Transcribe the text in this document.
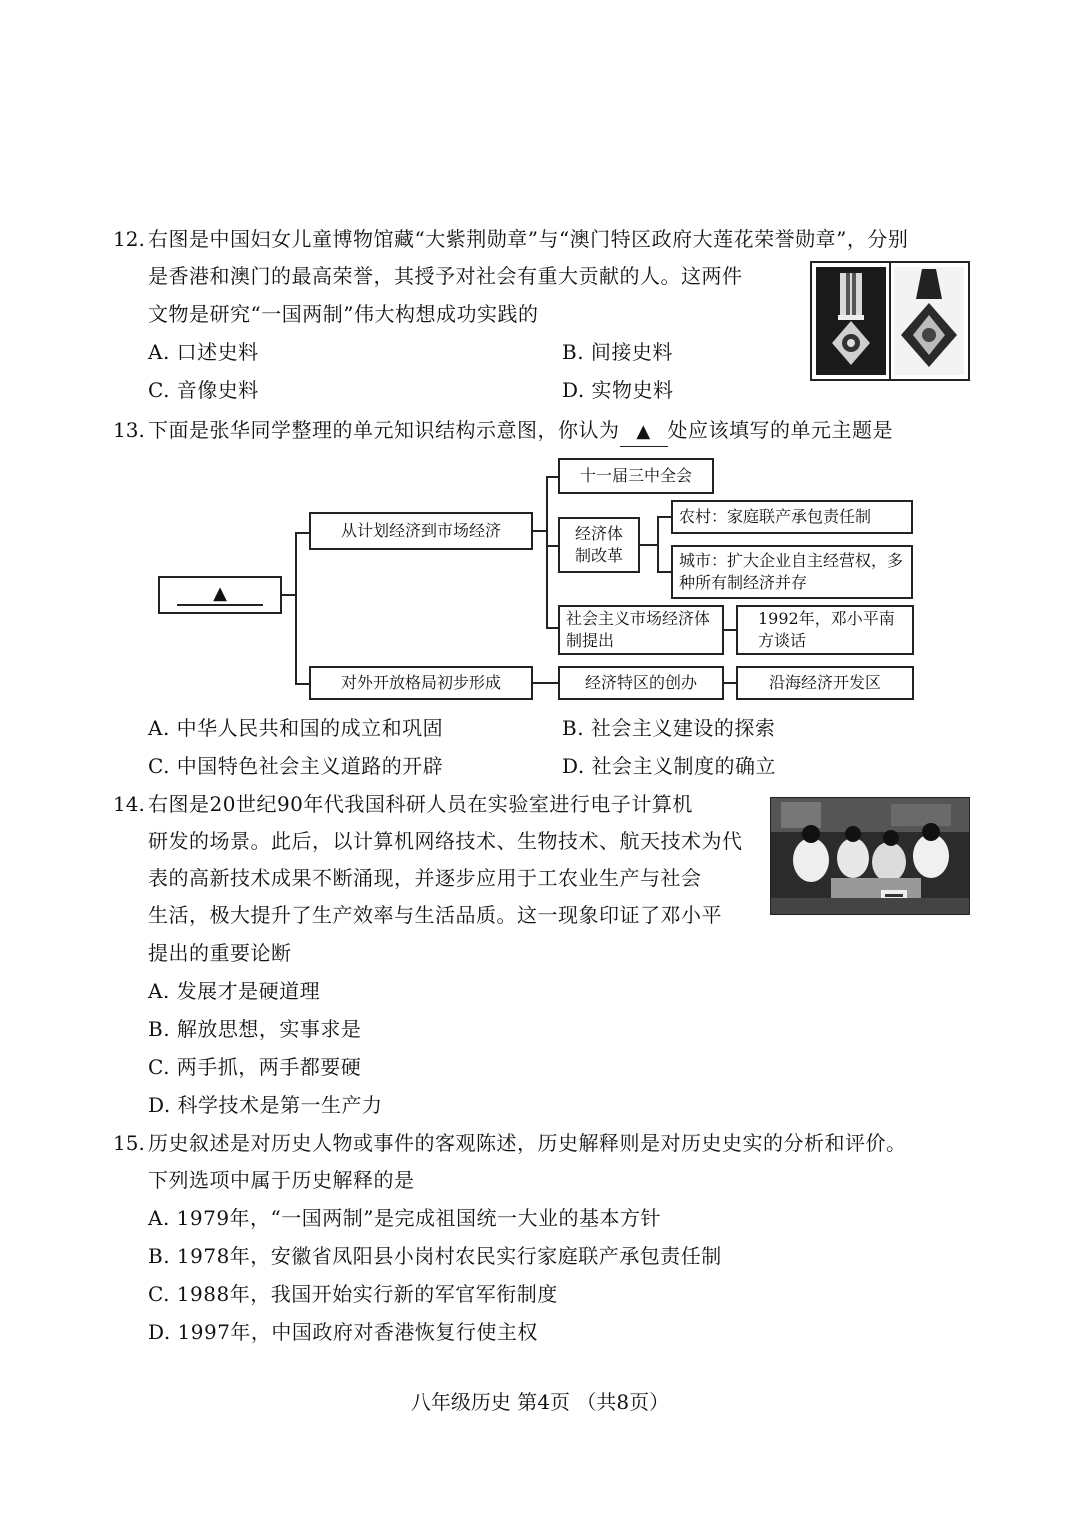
12. 右图是中国妇女儿童博物馆藏“大紫荆勋章”与“澳门特区政府大莲花荣誉勋章”，分别
是香港和澳门的最高荣誉，其授予对社会有重大贡献的人。这两件
文物是研究“一国两制”伟大构想成功实践的
A. 口述史料	B. 间接史料
C. 音像史料	D. 实物史料
13. 下面是张华同学整理的单元知识结构示意图，你认为 ▲ 处应该填写的单元主题是
▲
从计划经济到市场经济
十一届三中全会
经济体制改革
农村：家庭联产承包责任制
城市：扩大企业自主经营权，多种所有制经济并存
社会主义市场经济体制提出
1992年，邓小平南方谈话
对外开放格局初步形成	经济特区的创办	沿海经济开发区
A. 中华人民共和国的成立和巩固	B. 社会主义建设的探索
C. 中国特色社会主义道路的开辟	D. 社会主义制度的确立
14. 右图是20世纪90年代我国科研人员在实验室进行电子计算机
研发的场景。此后，以计算机网络技术、生物技术、航天技术为代
表的高新技术成果不断涌现，并逐步应用于工农业生产与社会
生活，极大提升了生产效率与生活品质。这一现象印证了邓小平
提出的重要论断
A. 发展才是硬道理
B. 解放思想，实事求是
C. 两手抓，两手都要硬
D. 科学技术是第一生产力
15. 历史叙述是对历史人物或事件的客观陈述，历史解释则是对历史史实的分析和评价。
下列选项中属于历史解释的是
A. 1979年，“一国两制”是完成祖国统一大业的基本方针
B. 1978年，安徽省凤阳县小岗村农民实行家庭联产承包责任制
C. 1988年，我国开始实行新的军官军衔制度
D. 1997年，中国政府对香港恢复行使主权
八年级历史 第4页 （共8页）
